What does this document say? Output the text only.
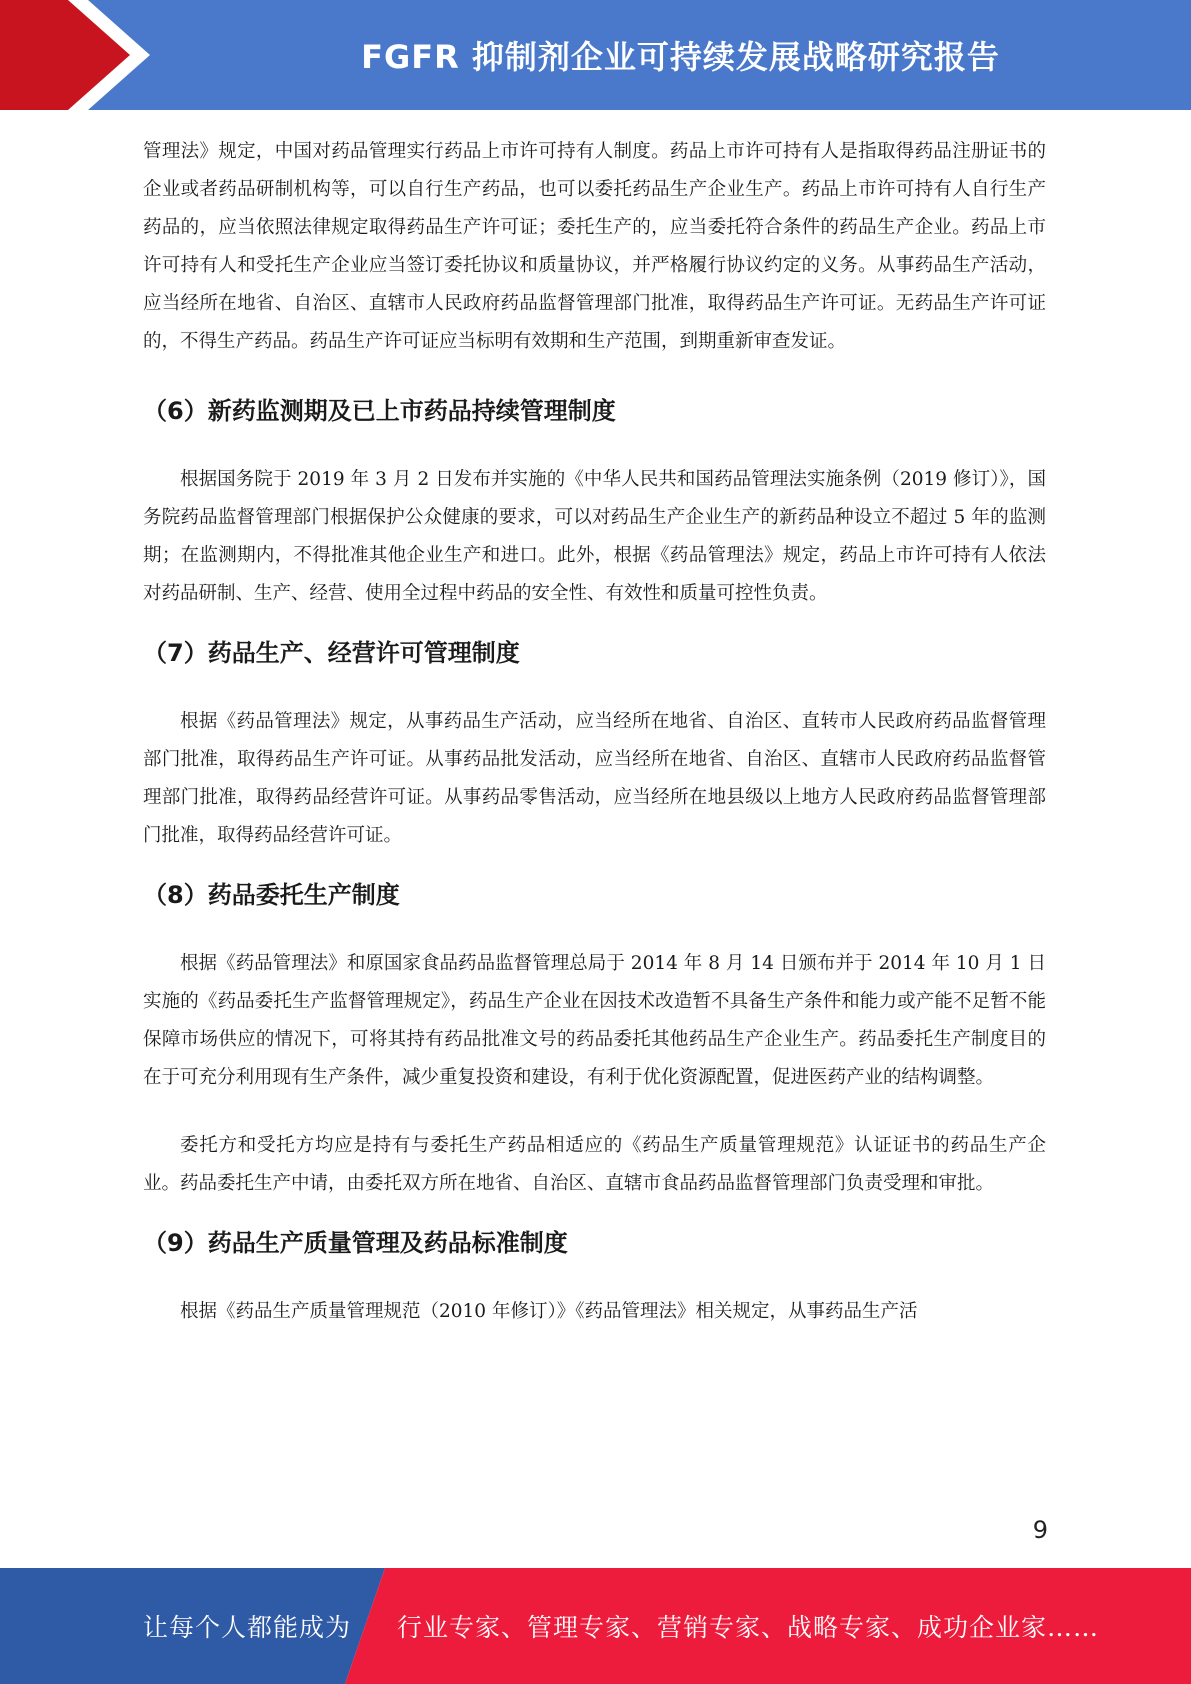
FGFR 抑制剂企业可持续发展战略研究报告

管理法》规定，中国对药品管理实行药品上市许可持有人制度。药品上市许可持有人是指取得药品注册证书的企业或者药品研制机构等，可以自行生产药品，也可以委托药品生产企业生产。药品上市许可持有人自行生产药品的，应当依照法律规定取得药品生产许可证；委托生产的，应当委托符合条件的药品生产企业。药品上市许可持有人和受托生产企业应当签订委托协议和质量协议，并严格履行协议约定的义务。从事药品生产活动，应当经所在地省、自治区、直辖市人民政府药品监督管理部门批准，取得药品生产许可证。无药品生产许可证的，不得生产药品。药品生产许可证应当标明有效期和生产范围，到期重新审查发证。

（6）新药监测期及已上市药品持续管理制度

根据国务院于 2019 年 3 月 2 日发布并实施的《中华人民共和国药品管理法实施条例（2019 修订）》，国务院药品监督管理部门根据保护公众健康的要求，可以对药品生产企业生产的新药品种设立不超过 5 年的监测期；在监测期内，不得批准其他企业生产和进口。此外，根据《药品管理法》规定，药品上市许可持有人依法对药品研制、生产、经营、使用全过程中药品的安全性、有效性和质量可控性负责。

（7）药品生产、经营许可管理制度

根据《药品管理法》规定，从事药品生产活动，应当经所在地省、自治区、直转市人民政府药品监督管理部门批准，取得药品生产许可证。从事药品批发活动，应当经所在地省、自治区、直辖市人民政府药品监督管理部门批准，取得药品经营许可证。从事药品零售活动，应当经所在地县级以上地方人民政府药品监督管理部门批准，取得药品经营许可证。

（8）药品委托生产制度

根据《药品管理法》和原国家食品药品监督管理总局于 2014 年 8 月 14 日颁布并于 2014 年 10 月 1 日实施的《药品委托生产监督管理规定》，药品生产企业在因技术改造暂不具备生产条件和能力或产能不足暂不能保障市场供应的情况下，可将其持有药品批准文号的药品委托其他药品生产企业生产。药品委托生产制度目的在于可充分利用现有生产条件，减少重复投资和建设，有利于优化资源配置，促进医药产业的结构调整。

委托方和受托方均应是持有与委托生产药品相适应的《药品生产质量管理规范》认证证书的药品生产企业。药品委托生产中请，由委托双方所在地省、自治区、直辖市食品药品监督管理部门负责受理和审批。

（9）药品生产质量管理及药品标准制度

根据《药品生产质量管理规范（2010 年修订）》《药品管理法》相关规定，从事药品生产活

9
让每个人都能成为 行业专家、管理专家、营销专家、战略专家、成功企业家……
